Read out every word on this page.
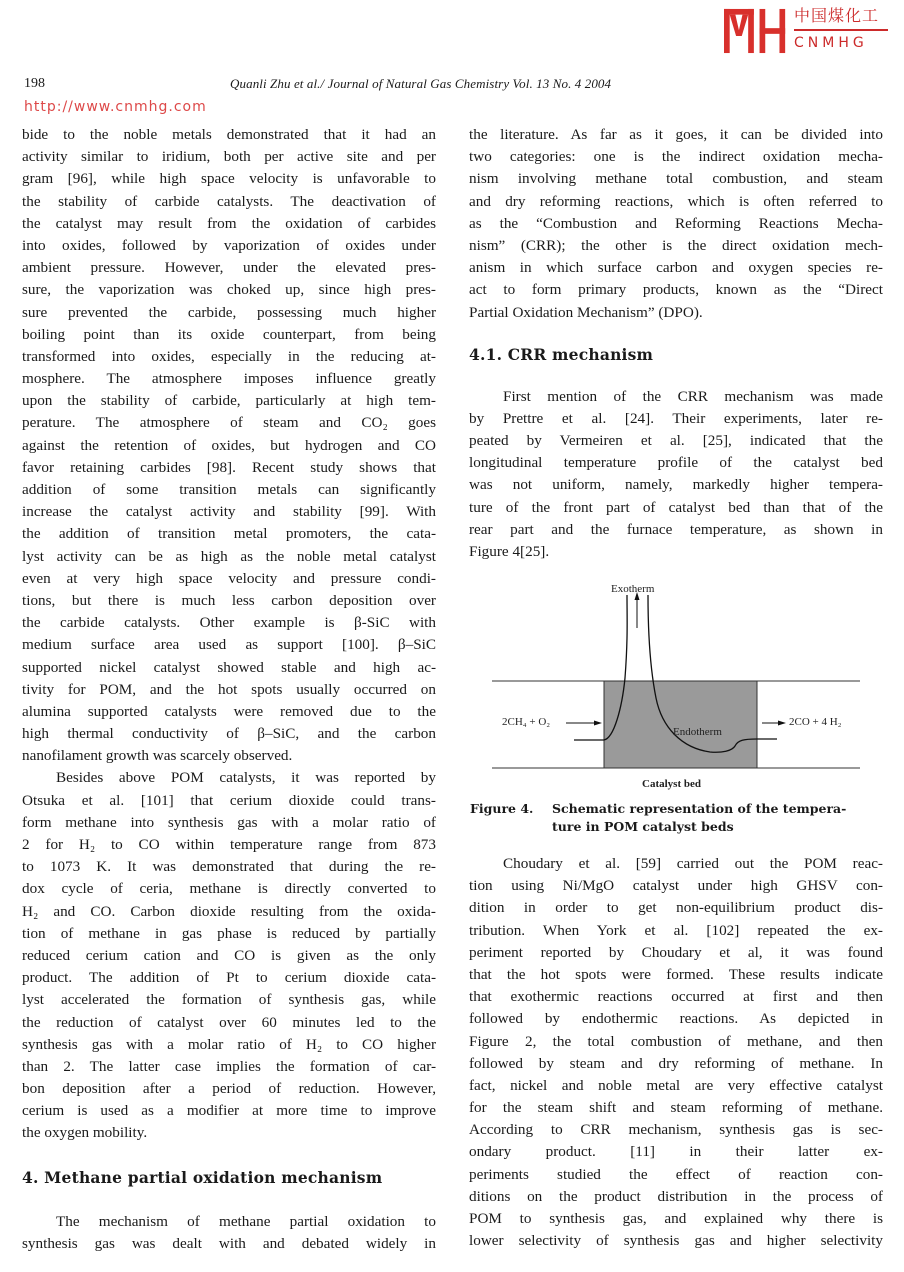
198	Quanli Zhu et al./ Journal of Natural Gas Chemistry Vol. 13 No. 4 2004
bide to the noble metals demonstrated that it had an
activity similar to iridium, both per active site and per
gram [96], while high space velocity is unfavorable to
the stability of carbide catalysts. The deactivation of
the catalyst may result from the oxidation of carbides
into oxides, followed by vaporization of oxides under
ambient pressure. However, under the elevated pres-
sure, the vaporization was choked up, since high pres-
sure prevented the carbide, possessing much higher
boiling point than its oxide counterpart, from being
transformed into oxides, especially in the reducing at-
mosphere. The atmosphere imposes influence greatly
upon the stability of carbide, particularly at high tem-
perature. The atmosphere of steam and CO₂ goes
against the retention of oxides, but hydrogen and CO
favor retaining carbides [98]. Recent study shows that
addition of some transition metals can significantly
increase the catalyst activity and stability [99]. With
the addition of transition metal promoters, the cata-
lyst activity can be as high as the noble metal catalyst
even at very high space velocity and pressure condi-
tions, but there is much less carbon deposition over
the carbide catalysts. Other example is β-SiC with
medium surface area used as support [100]. β–SiC
supported nickel catalyst showed stable and high ac-
tivity for POM, and the hot spots usually occurred on
alumina supported catalysts were removed due to the
high thermal conductivity of β–SiC, and the carbon
nanofilament growth was scarcely observed.
Besides above POM catalysts, it was reported by
Otsuka et al. [101] that cerium dioxide could trans-
form methane into synthesis gas with a molar ratio of
2 for H₂ to CO within temperature range from 873
to 1073 K. It was demonstrated that during the re-
dox cycle of ceria, methane is directly converted to
H₂ and CO. Carbon dioxide resulting from the oxida-
tion of methane in gas phase is reduced by partially
reduced cerium cation and CO is given as the only
product. The addition of Pt to cerium dioxide cata-
lyst accelerated the formation of synthesis gas, while
the reduction of catalyst over 60 minutes led to the
synthesis gas with a molar ratio of H₂ to CO higher
than 2. The latter case implies the formation of car-
bon deposition after a period of reduction. However,
cerium is used as a modifier at more time to improve
the oxygen mobility.
4. Methane partial oxidation mechanism
The mechanism of methane partial oxidation to
synthesis gas was dealt with and debated widely in
the literature. As far as it goes, it can be divided into
two categories: one is the indirect oxidation mecha-
nism involving methane total combustion, and steam
and dry reforming reactions, which is often referred to
as the “Combustion and Reforming Reactions Mecha-
nism” (CRR); the other is the direct oxidation mech-
anism in which surface carbon and oxygen species re-
act to form primary products, known as the “Direct
Partial Oxidation Mechanism” (DPO).
4.1. CRR mechanism
First mention of the CRR mechanism was made
by Prettre et al. [24]. Their experiments, later re-
peated by Vermeiren et al. [25], indicated that the
longitudinal temperature profile of the catalyst bed
was not uniform, namely, markedly higher tempera-
ture of the front part of catalyst bed than that of the
rear part and the furnace temperature, as shown in
Figure 4[25].
Exotherm
2CH₄ + O₂
Endotherm
2CO + 4 H₂
Catalyst bed
Figure 4. Schematic representation of the tempera-
ture in POM catalyst beds
Choudary et al. [59] carried out the POM reac-
tion using Ni/MgO catalyst under high GHSV con-
dition in order to get non-equilibrium product dis-
tribution. When York et al. [102] repeated the ex-
periment reported by Choudary et al, it was found
that the hot spots were formed. These results indicate
that exothermic reactions occurred at first and then
followed by endothermic reactions. As depicted in
Figure 2, the total combustion of methane, and then
followed by steam and dry reforming of methane. In
fact, nickel and noble metal are very effective catalyst
for the steam shift and steam reforming of methane.
According to CRR mechanism, synthesis gas is sec-
ondary product. [11] in their latter ex-
periments studied the effect of reaction con-
ditions on the product distribution in the process of
POM to synthesis gas, and explained why there is
lower selectivity of synthesis gas and higher selectivity
http://www.cnmhg.com
中国煤化工
CNMHG
